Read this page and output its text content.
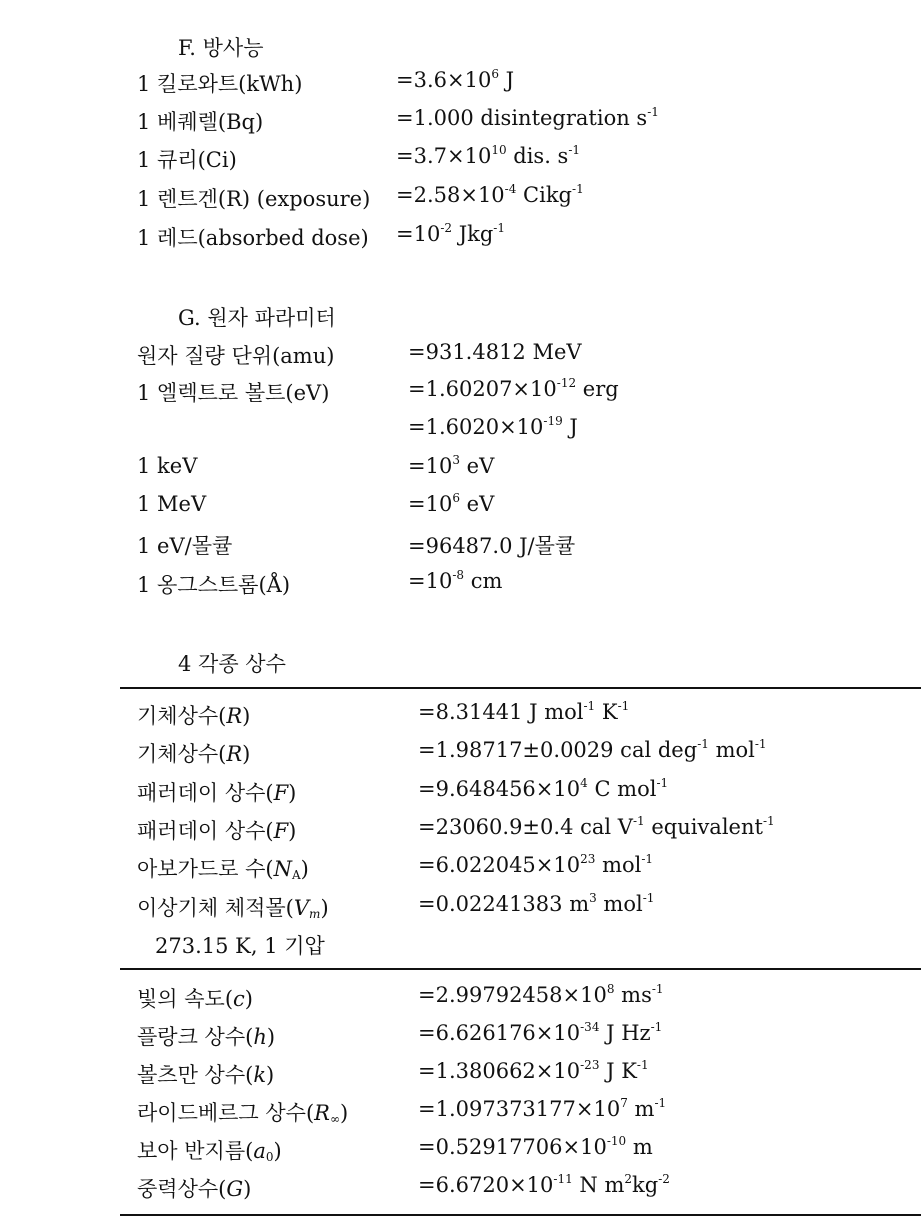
F. 방사능
1 킬로와트(kWh)	$=3.6\times 10^6$ J
1 베퀘렐(Bq)	=1.000 disintegration $s^{-1}$
1 큐리(Ci)	$=3.7\times 10^{10}$ dis. $s^{-1}$
1 렌트겐(R) (exposure) $=2.58\times 10^{-4}$ Cikg$^{-1}$
1 레드(absorbed dose) $=10^{-2}$ Jkg$^{-1}$
G. 원자 파라미터
원자 질량 단위(amu)	=931.4812 MeV
1 엘렉트로 볼트(eV)	$=1.60207\times 10^{-12}$ erg
$=1.6020\times 10^{-19}$ J
1 keV	$=10^3$ eV
1 MeV	$=10^6$ eV
1 eV/몰큘	=96487.0 J/몰큘
1 옹그스트롬(Å)	$=10^{-8}$ cm
4 각종 상수
기체상수(R)	=8.31441 J mol$^{-1}$ $K^{-1}$
기체상수(R)	=1.98717±0.0029 cal deg$^{-1}$ mol$^{-1}$
패러데이 상수(F)	$=9.648456\times 10^4$ C mol$^{-1}$
패러데이 상수(F)	=23060.9±0.4 cal $V^{-1}$ equivalent$^{-1}$
아보가드로 수$(N_A)$	$=6.022045\times 10^{23}$ mol$^{-1}$
이상기체 체적몰$(V_m)$	=0.02241383 $m^3$ mol$^{-1}$
273.15 K, 1 기압
빛의 속도(c)	$=2.99792458\times 10^8$ $ms^{-1}$
플랑크 상수(h)	$=6.626176\times 10^{-34}$ J $Hz^{-1}$
볼츠만 상수(k)	$=1.380662\times 10^{-23}$ J $K^{-1}$
라이드베르그 상수$(R_\infty)$	$=1.097373177\times 10^7$ $m^{-1}$
보아 반지름$(a_0)$	$=0.52917706\times 10^{-10}$ m
중력상수(G)	$=6.6720\times 10^{-11}$ N $m^2kg^{-2}$
